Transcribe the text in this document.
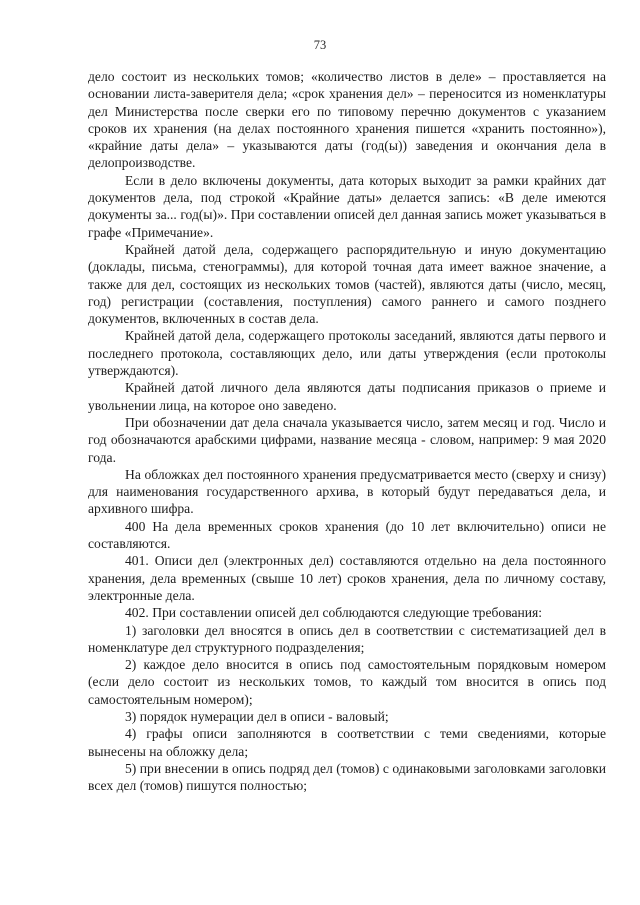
73

дело состоит из нескольких томов; «количество листов в деле» – проставляется на основании листа-заверителя дела; «срок хранения дел» – переносится из номенклатуры дел Министерства после сверки его по типовому перечню документов с указанием сроков их хранения (на делах постоянного хранения пишется «хранить постоянно»), «крайние даты дела» – указываются даты (год(ы)) заведения и окончания дела в делопроизводстве.

Если в дело включены документы, дата которых выходит за рамки крайних дат документов дела, под строкой «Крайние даты» делается запись: «В деле имеются документы за... год(ы)». При составлении описей дел данная запись может указываться в графе «Примечание».

Крайней датой дела, содержащего распорядительную и иную документацию (доклады, письма, стенограммы), для которой точная дата имеет важное значение, а также для дел, состоящих из нескольких томов (частей), являются даты (число, месяц, год) регистрации (составления, поступления) самого раннего и самого позднего документов, включенных в состав дела.

Крайней датой дела, содержащего протоколы заседаний, являются даты первого и последнего протокола, составляющих дело, или даты утверждения (если протоколы утверждаются).

Крайней датой личного дела являются даты подписания приказов о приеме и увольнении лица, на которое оно заведено.

При обозначении дат дела сначала указывается число, затем месяц и год. Число и год обозначаются арабскими цифрами, название месяца - словом, например: 9 мая 2020 года.

На обложках дел постоянного хранения предусматривается место (сверху и снизу) для наименования государственного архива, в который будут передаваться дела, и архивного шифра.

400 На дела временных сроков хранения (до 10 лет включительно) описи не составляются.

401. Описи дел (электронных дел) составляются отдельно на дела постоянного хранения, дела временных (свыше 10 лет) сроков хранения, дела по личному составу, электронные дела.

402. При составлении описей дел соблюдаются следующие требования:

1) заголовки дел вносятся в опись дел в соответствии с систематизацией дел в номенклатуре дел структурного подразделения;

2) каждое дело вносится в опись под самостоятельным порядковым номером (если дело состоит из нескольких томов, то каждый том вносится в опись под самостоятельным номером);

3) порядок нумерации дел в описи - валовый;

4) графы описи заполняются в соответствии с теми сведениями, которые вынесены на обложку дела;

5) при внесении в опись подряд дел (томов) с одинаковыми заголовками заголовки всех дел (томов) пишутся полностью;
